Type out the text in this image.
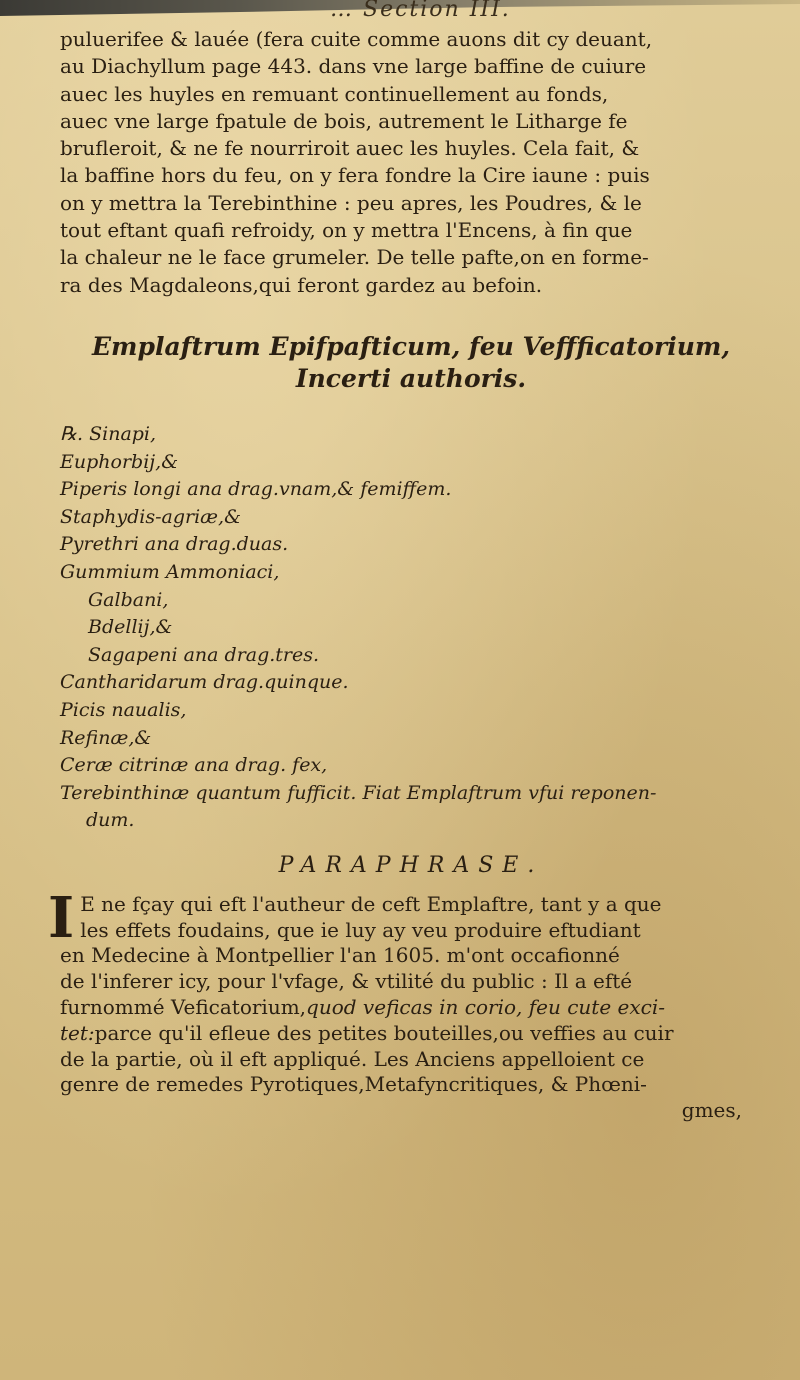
… Section III.

puluerifee & lauée (fera cuite comme auons dit cy deuant,
au Diachyllum page 443. dans vne large baffine de cuiure
auec les huyles en remuant continuellement au fonds,
auec vne large fpatule de bois, autrement le Litharge fe
brufleroit, & ne fe nourriroit auec les huyles. Cela fait, &
la baffine hors du feu, on y fera fondre la Cire iaune : puis
on y mettra la Terebinthine : peu apres, les Poudres, & le
tout eftant quafi refroidy, on y mettra l'Encens, à fin que
la chaleur ne le face grumeler. De telle pafte,on en forme-
ra des Magdaleons,qui feront gardez au befoin.

Emplaftrum Epifpafticum, feu Veffficatorium,
Incerti authoris.
℞. Sinapi,
Euphorbij,&
Piperis longi ana drag.vnam,& femiffem.
Staphydis-agriæ,&
Pyrethri ana drag.duas.
Gummium Ammoniaci,
Galbani,
Bdellij,&
Sagapeni ana drag.tres.
Cantharidarum drag.quinque.
Picis naualis,
Refinæ,&
Ceræ citrinæ ana drag. fex,
Terebinthinæ quantum fufficit. Fiat Emplaftrum vfui reponen-
dum.
PARAPHRASE.

I E ne fçay qui eft l'autheur de ceft Emplaftre, tant y a que
les effets foudains, que ie luy ay veu produire eftudiant
en Medecine à Montpellier l'an 1605. m'ont occafionné
de l'inferer icy, pour l'vfage, & vtilité du public : Il a efté
furnommé Veficatorium,quod veficas in corio, feu cute exci-
tet:parce qu'il efleue des petites bouteilles,ou veffies au cuir
de la partie, où il eft appliqué. Les Anciens appelloient ce
genre de remedes Pyrotiques,Metafyncritiques, & Phœni-
gmes,
